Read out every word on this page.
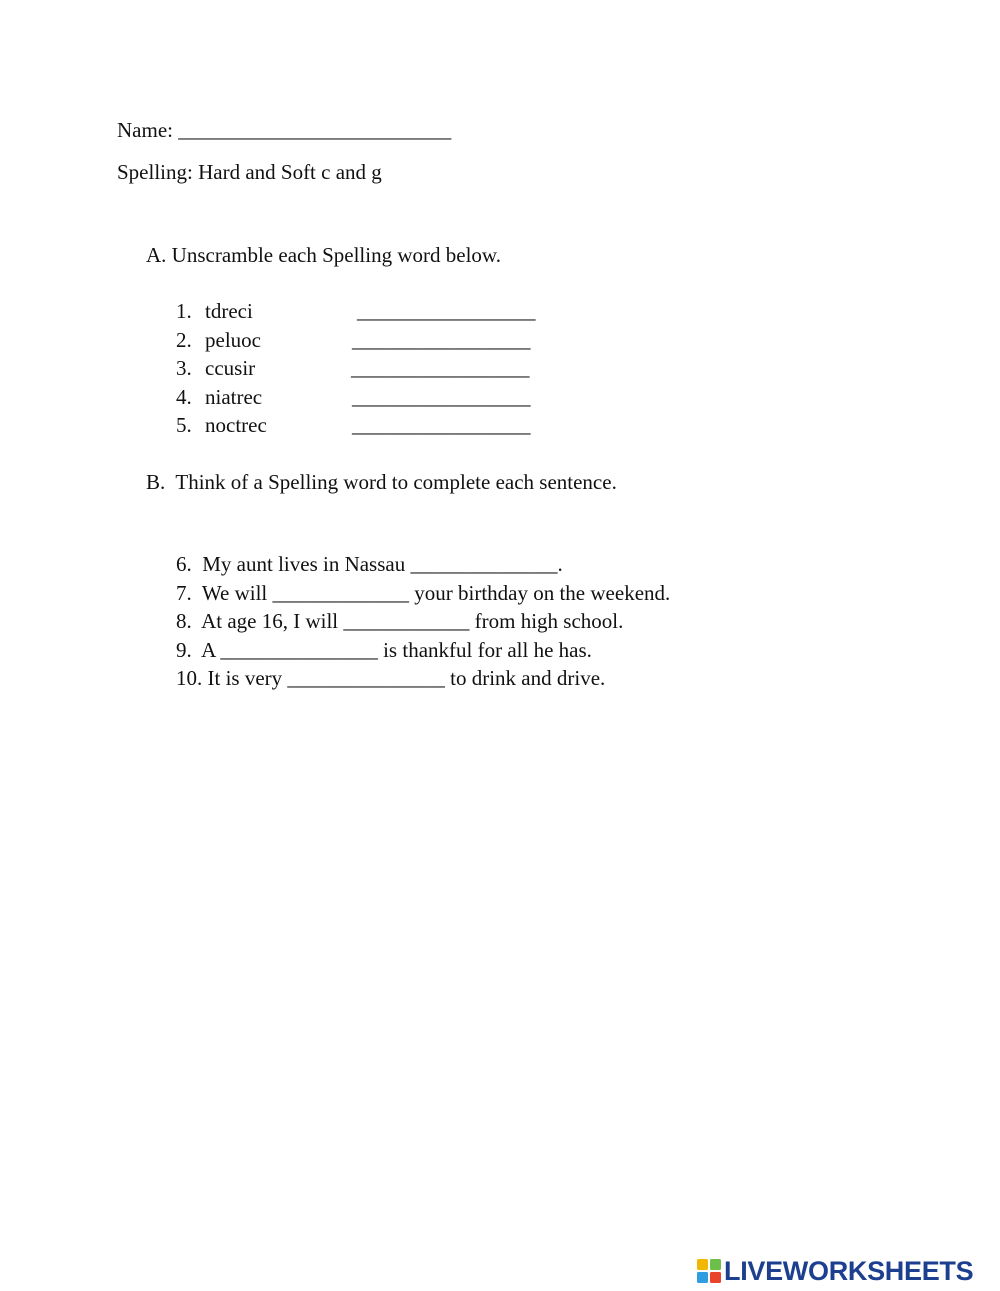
Name: __________________________
Spelling: Hard and Soft c and g
A. Unscramble each Spelling word below.
1. tdreci	_________________
2. peluoc	_________________
3. ccusir	_________________
4. niatrec	_________________
5. noctrec	_________________
B.  Think of a Spelling word to complete each sentence.
6.  My aunt lives in Nassau ______________.
7.  We will _____________ your birthday on the weekend.
8.  At age 16, I will ____________ from high school.
9.  A _______________ is thankful for all he has.
10. It is very _______________ to drink and drive.
LIVEWORKSHEETS
